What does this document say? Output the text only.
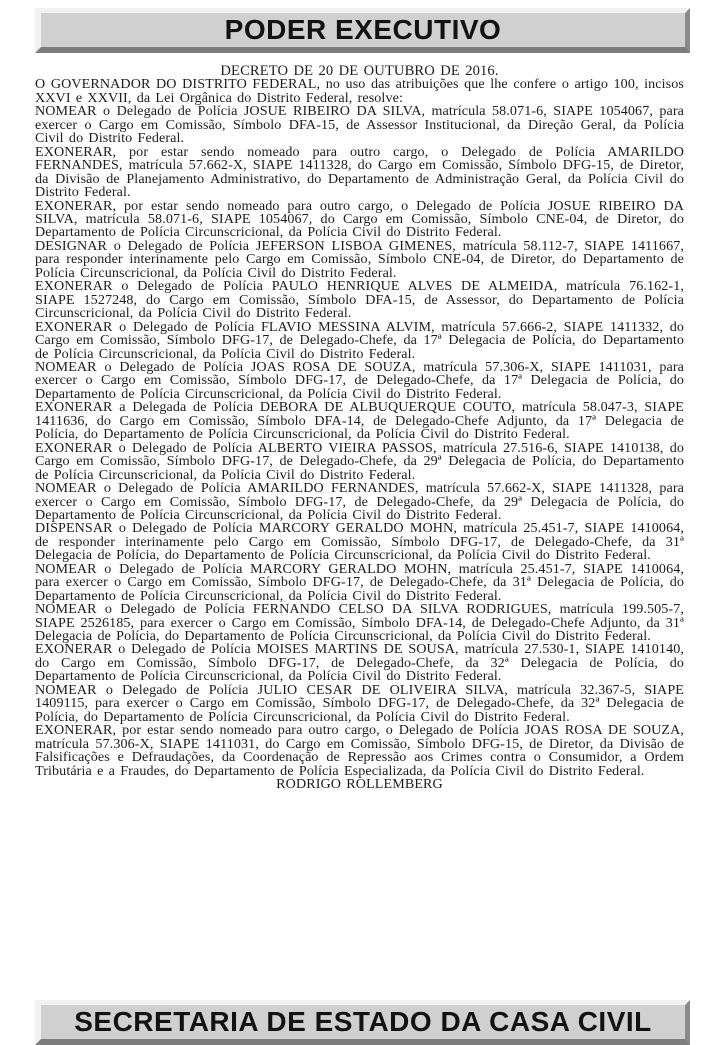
PODER EXECUTIVO

DECRETO DE 20 DE OUTUBRO DE 2016.

O GOVERNADOR DO DISTRITO FEDERAL, no uso das atribuições que lhe confere o artigo 100, incisos XXVI e XXVII, da Lei Orgânica do Distrito Federal, resolve:

NOMEAR o Delegado de Polícia JOSUE RIBEIRO DA SILVA, matrícula 58.071-6, SIAPE 1054067, para exercer o Cargo em Comissão, Símbolo DFA-15, de Assessor Institucional, da Direção Geral, da Polícia Civil do Distrito Federal.

EXONERAR, por estar sendo nomeado para outro cargo, o Delegado de Polícia AMARILDO FERNANDES, matrícula 57.662-X, SIAPE 1411328, do Cargo em Comissão, Símbolo DFG-15, de Diretor, da Divisão de Planejamento Administrativo, do Departamento de Administração Geral, da Polícia Civil do Distrito Federal.

EXONERAR, por estar sendo nomeado para outro cargo, o Delegado de Polícia JOSUE RIBEIRO DA SILVA, matrícula 58.071-6, SIAPE 1054067, do Cargo em Comissão, Símbolo CNE-04, de Diretor, do Departamento de Polícia Circunscricional, da Polícia Civil do Distrito Federal.

DESIGNAR o Delegado de Polícia JEFERSON LISBOA GIMENES, matrícula 58.112-7, SIAPE 1411667, para responder interinamente pelo Cargo em Comissão, Símbolo CNE-04, de Diretor, do Departamento de Polícia Circunscricional, da Polícia Civil do Distrito Federal.

EXONERAR o Delegado de Polícia PAULO HENRIQUE ALVES DE ALMEIDA, matrícula 76.162-1, SIAPE 1527248, do Cargo em Comissão, Símbolo DFA-15, de Assessor, do Departamento de Polícia Circunscricional, da Polícia Civil do Distrito Federal.

EXONERAR o Delegado de Polícia FLAVIO MESSINA ALVIM, matrícula 57.666-2, SIAPE 1411332, do Cargo em Comissão, Símbolo DFG-17, de Delegado-Chefe, da 17ª Delegacia de Polícia, do Departamento de Polícia Circunscricional, da Polícia Civil do Distrito Federal.

NOMEAR o Delegado de Polícia JOAS ROSA DE SOUZA, matrícula 57.306-X, SIAPE 1411031, para exercer o Cargo em Comissão, Símbolo DFG-17, de Delegado-Chefe, da 17ª Delegacia de Polícia, do Departamento de Polícia Circunscricional, da Polícia Civil do Distrito Federal.

EXONERAR a Delegada de Polícia DEBORA DE ALBUQUERQUE COUTO, matrícula 58.047-3, SIAPE 1411636, do Cargo em Comissão, Símbolo DFA-14, de Delegado-Chefe Adjunto, da 17ª Delegacia de Polícia, do Departamento de Polícia Circunscricional, da Polícia Civil do Distrito Federal.

EXONERAR o Delegado de Polícia ALBERTO VIEIRA PASSOS, matrícula 27.516-6, SIAPE 1410138, do Cargo em Comissão, Símbolo DFG-17, de Delegado-Chefe, da 29ª Delegacia de Polícia, do Departamento de Polícia Circunscricional, da Polícia Civil do Distrito Federal.

NOMEAR o Delegado de Polícia AMARILDO FERNANDES, matrícula 57.662-X, SIAPE 1411328, para exercer o Cargo em Comissão, Símbolo DFG-17, de Delegado-Chefe, da 29ª Delegacia de Polícia, do Departamento de Polícia Circunscricional, da Polícia Civil do Distrito Federal.

DISPENSAR o Delegado de Polícia MARCORY GERALDO MOHN, matrícula 25.451-7, SIAPE 1410064, de responder interinamente pelo Cargo em Comissão, Símbolo DFG-17, de Delegado-Chefe, da 31ª Delegacia de Polícia, do Departamento de Polícia Circunscricional, da Polícia Civil do Distrito Federal.

NOMEAR o Delegado de Polícia MARCORY GERALDO MOHN, matrícula 25.451-7, SIAPE 1410064, para exercer o Cargo em Comissão, Símbolo DFG-17, de Delegado-Chefe, da 31ª Delegacia de Polícia, do Departamento de Polícia Circunscricional, da Polícia Civil do Distrito Federal.

NOMEAR o Delegado de Polícia FERNANDO CELSO DA SILVA RODRIGUES, matrícula 199.505-7, SIAPE 2526185, para exercer o Cargo em Comissão, Símbolo DFA-14, de Delegado-Chefe Adjunto, da 31ª Delegacia de Polícia, do Departamento de Polícia Circunscricional, da Polícia Civil do Distrito Federal.

EXONERAR o Delegado de Polícia MOISES MARTINS DE SOUSA, matrícula 27.530-1, SIAPE 1410140, do Cargo em Comissão, Símbolo DFG-17, de Delegado-Chefe, da 32ª Delegacia de Polícia, do Departamento de Polícia Circunscricional, da Polícia Civil do Distrito Federal.

NOMEAR o Delegado de Polícia JULIO CESAR DE OLIVEIRA SILVA, matrícula 32.367-5, SIAPE 1409115, para exercer o Cargo em Comissão, Símbolo DFG-17, de Delegado-Chefe, da 32ª Delegacia de Polícia, do Departamento de Polícia Circunscricional, da Polícia Civil do Distrito Federal.

EXONERAR, por estar sendo nomeado para outro cargo, o Delegado de Polícia JOAS ROSA DE SOUZA, matrícula 57.306-X, SIAPE 1411031, do Cargo em Comissão, Símbolo DFG-15, de Diretor, da Divisão de Falsificações e Defraudações, da Coordenação de Repressão aos Crimes contra o Consumidor, a Ordem Tributária e a Fraudes, do Departamento de Polícia Especializada, da Polícia Civil do Distrito Federal.

RODRIGO ROLLEMBERG

SECRETARIA DE ESTADO DA CASA CIVIL
